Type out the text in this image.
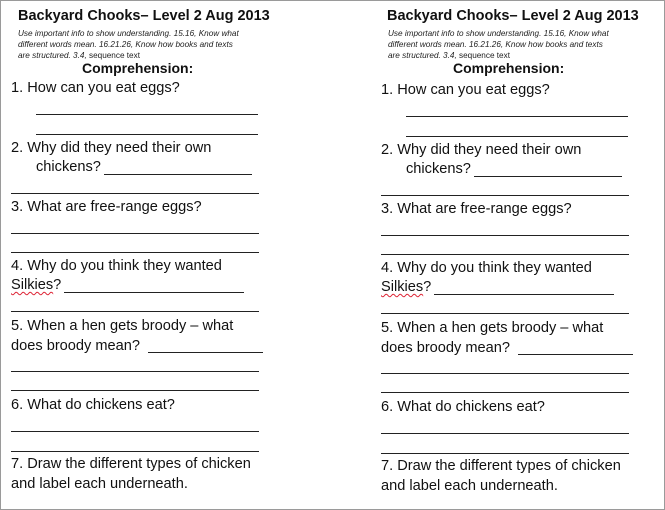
Backyard Chooks– Level 2 Aug 2013
Use important info to show understanding. 15.16, Know what
different words mean. 16.21.26, Know how books and texts
are structured. 3.4, sequence text
Comprehension:
1. How can you eat eggs?
2. Why did they need their own
chickens?
3. What are free-range eggs?
4. Why do you think they wanted
Silkies?
5. When a hen gets broody – what
does broody mean?
6. What do chickens eat?
7. Draw the different types of chicken
and label each underneath.
Backyard Chooks– Level 2 Aug 2013
Use important info to show understanding. 15.16, Know what
different words mean. 16.21.26, Know how books and texts
are structured. 3.4, sequence text
Comprehension:
1. How can you eat eggs?
2. Why did they need their own
chickens?
3. What are free-range eggs?
4. Why do you think they wanted
Silkies?
5. When a hen gets broody – what
does broody mean?
6. What do chickens eat?
7. Draw the different types of chicken
and label each underneath.
